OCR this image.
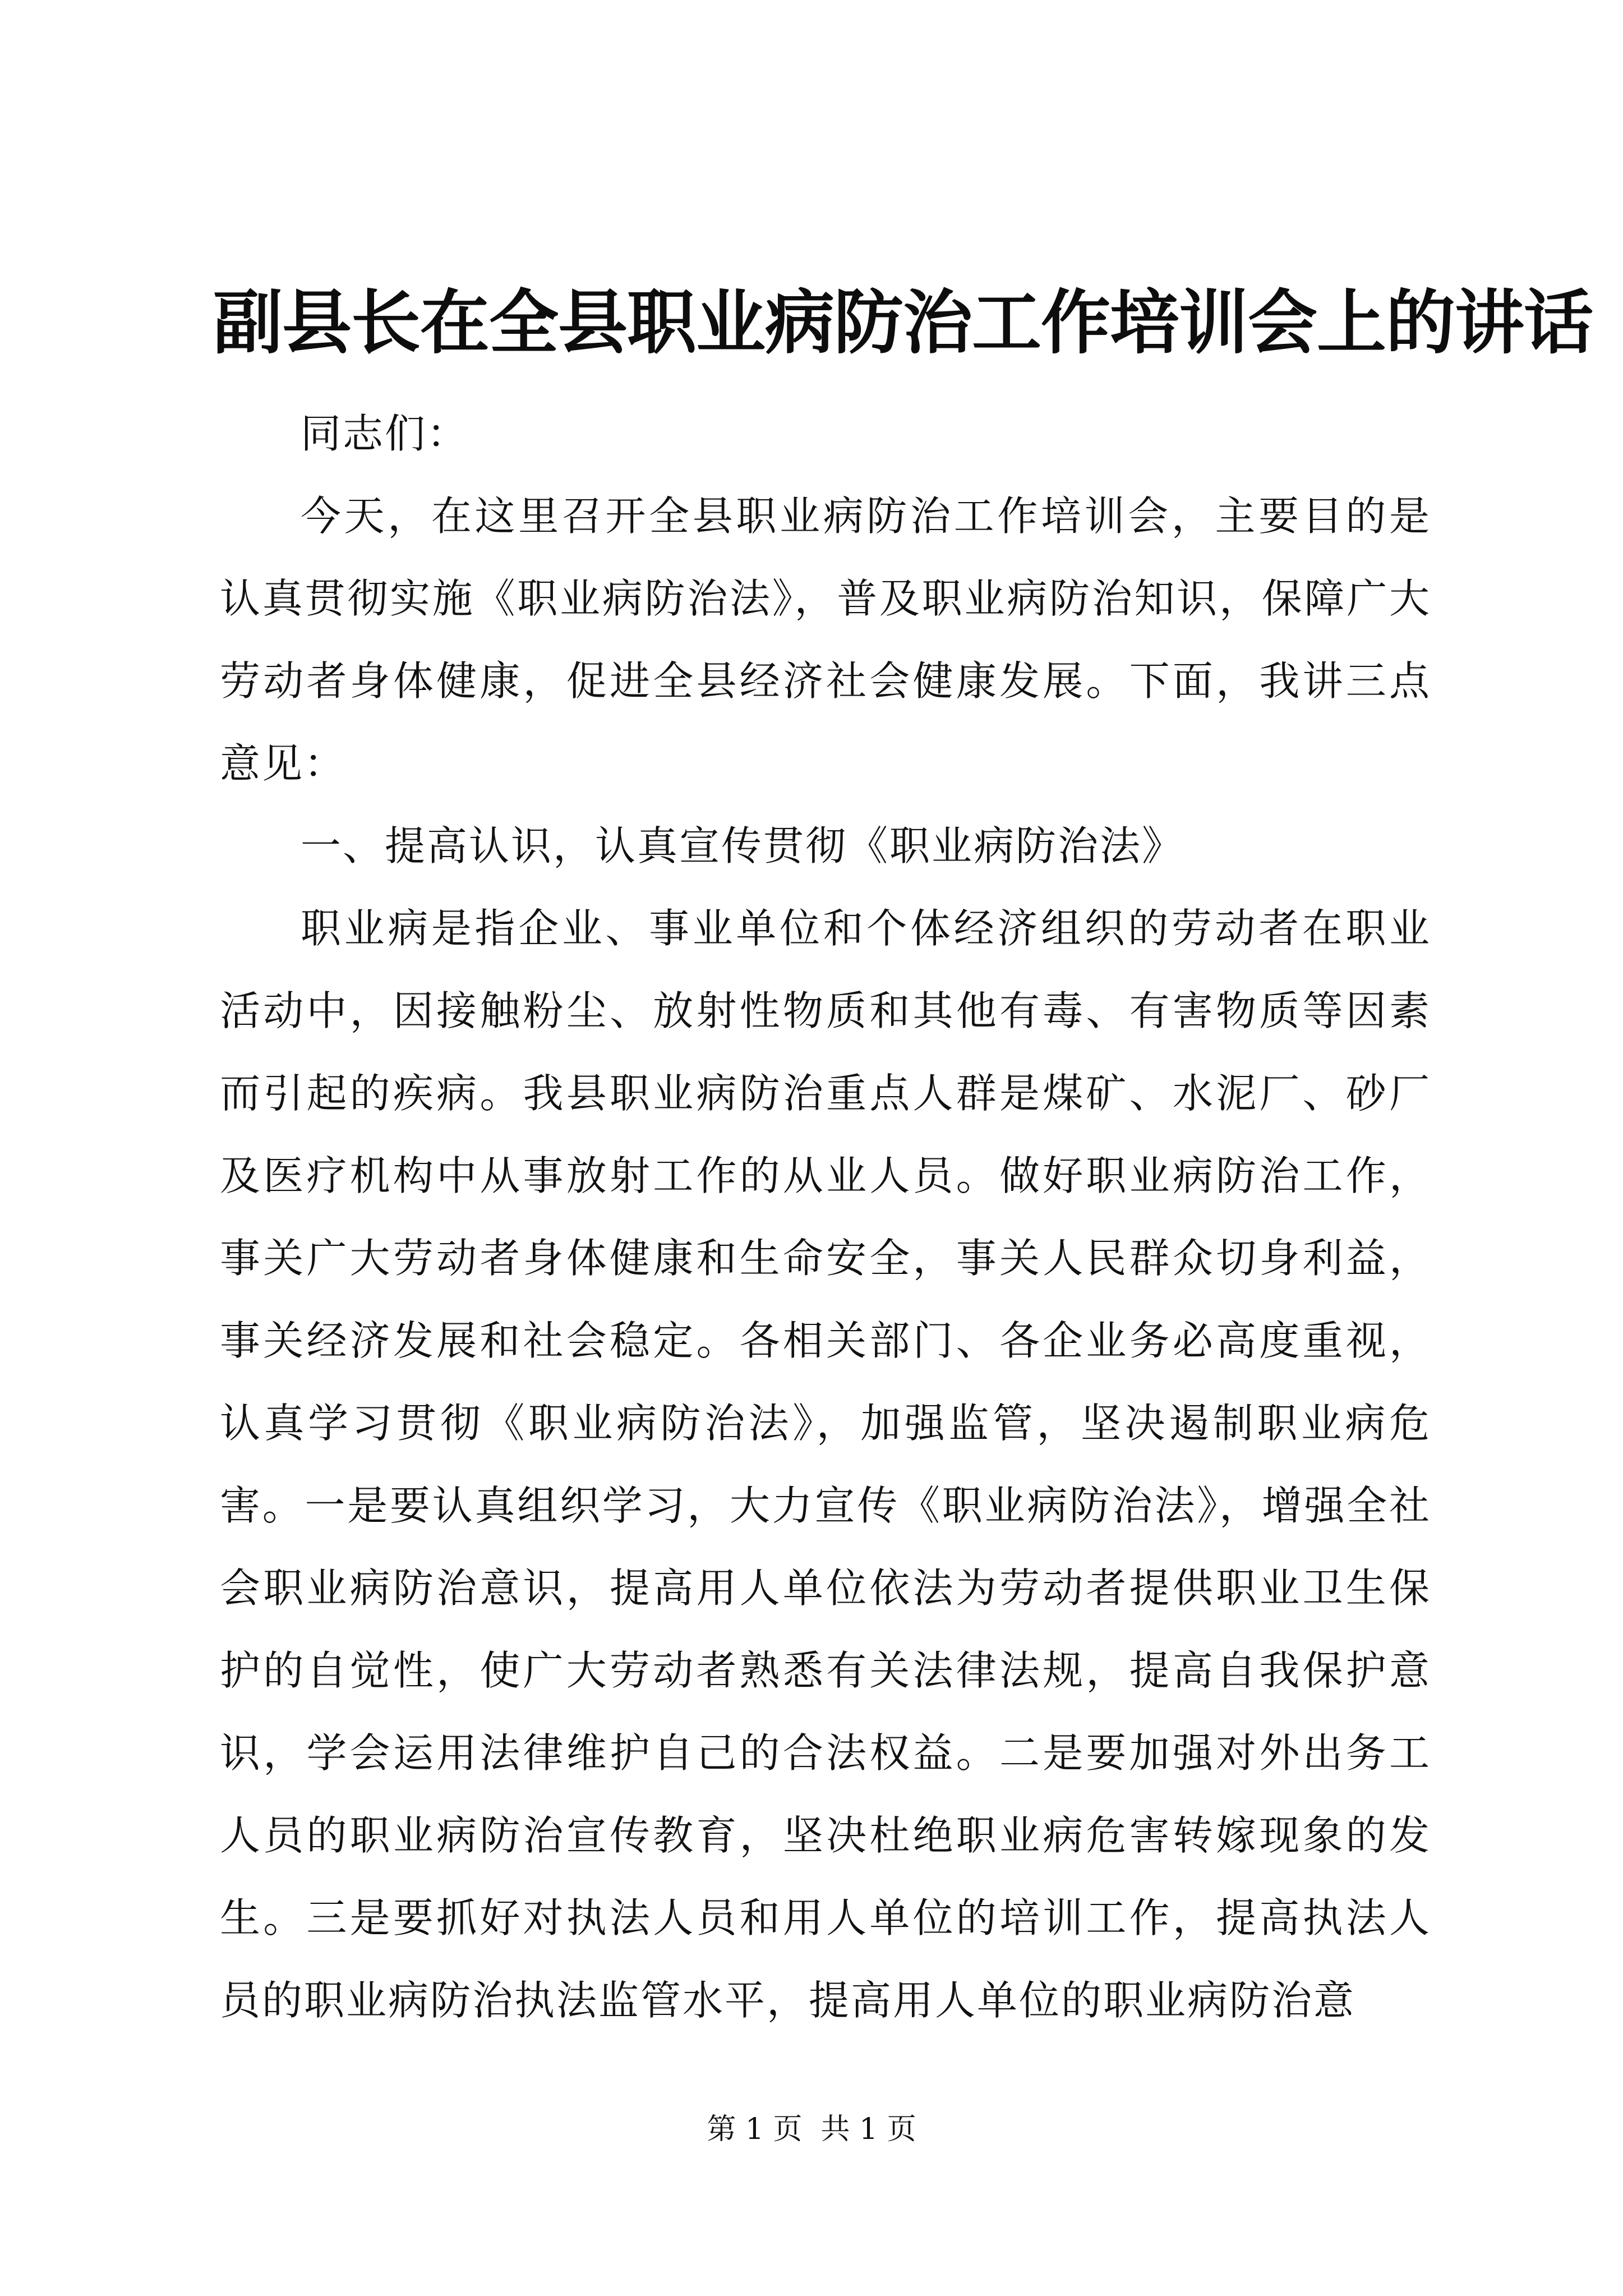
副县长在全县职业病防治工作培训会上的讲话

同志们：

今天，在这里召开全县职业病防治工作培训会，主要目的是认真贯彻实施《职业病防治法》，普及职业病防治知识，保障广大劳动者身体健康，促进全县经济社会健康发展。下面，我讲三点意见：

一、提高认识，认真宣传贯彻《职业病防治法》

职业病是指企业、事业单位和个体经济组织的劳动者在职业活动中，因接触粉尘、放射性物质和其他有毒、有害物质等因素而引起的疾病。我县职业病防治重点人群是煤矿、水泥厂、砂厂及医疗机构中从事放射工作的从业人员。做好职业病防治工作，事关广大劳动者身体健康和生命安全，事关人民群众切身利益，事关经济发展和社会稳定。各相关部门、各企业务必高度重视，认真学习贯彻《职业病防治法》，加强监管，坚决遏制职业病危害。一是要认真组织学习，大力宣传《职业病防治法》，增强全社会职业病防治意识，提高用人单位依法为劳动者提供职业卫生保护的自觉性，使广大劳动者熟悉有关法律法规，提高自我保护意识，学会运用法律维护自己的合法权益。二是要加强对外出务工人员的职业病防治宣传教育，坚决杜绝职业病危害转嫁现象的发生。三是要抓好对执法人员和用人单位的培训工作，提高执法人员的职业病防治执法监管水平，提高用人单位的职业病防治意

第 1 页  共 1 页
